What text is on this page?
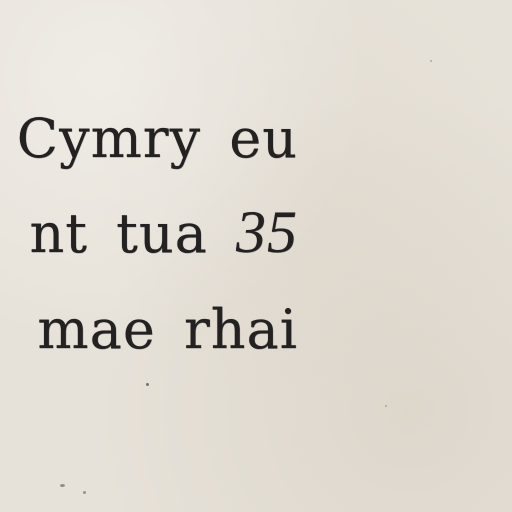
Cymry eu

nt tua 35

mae rhai
